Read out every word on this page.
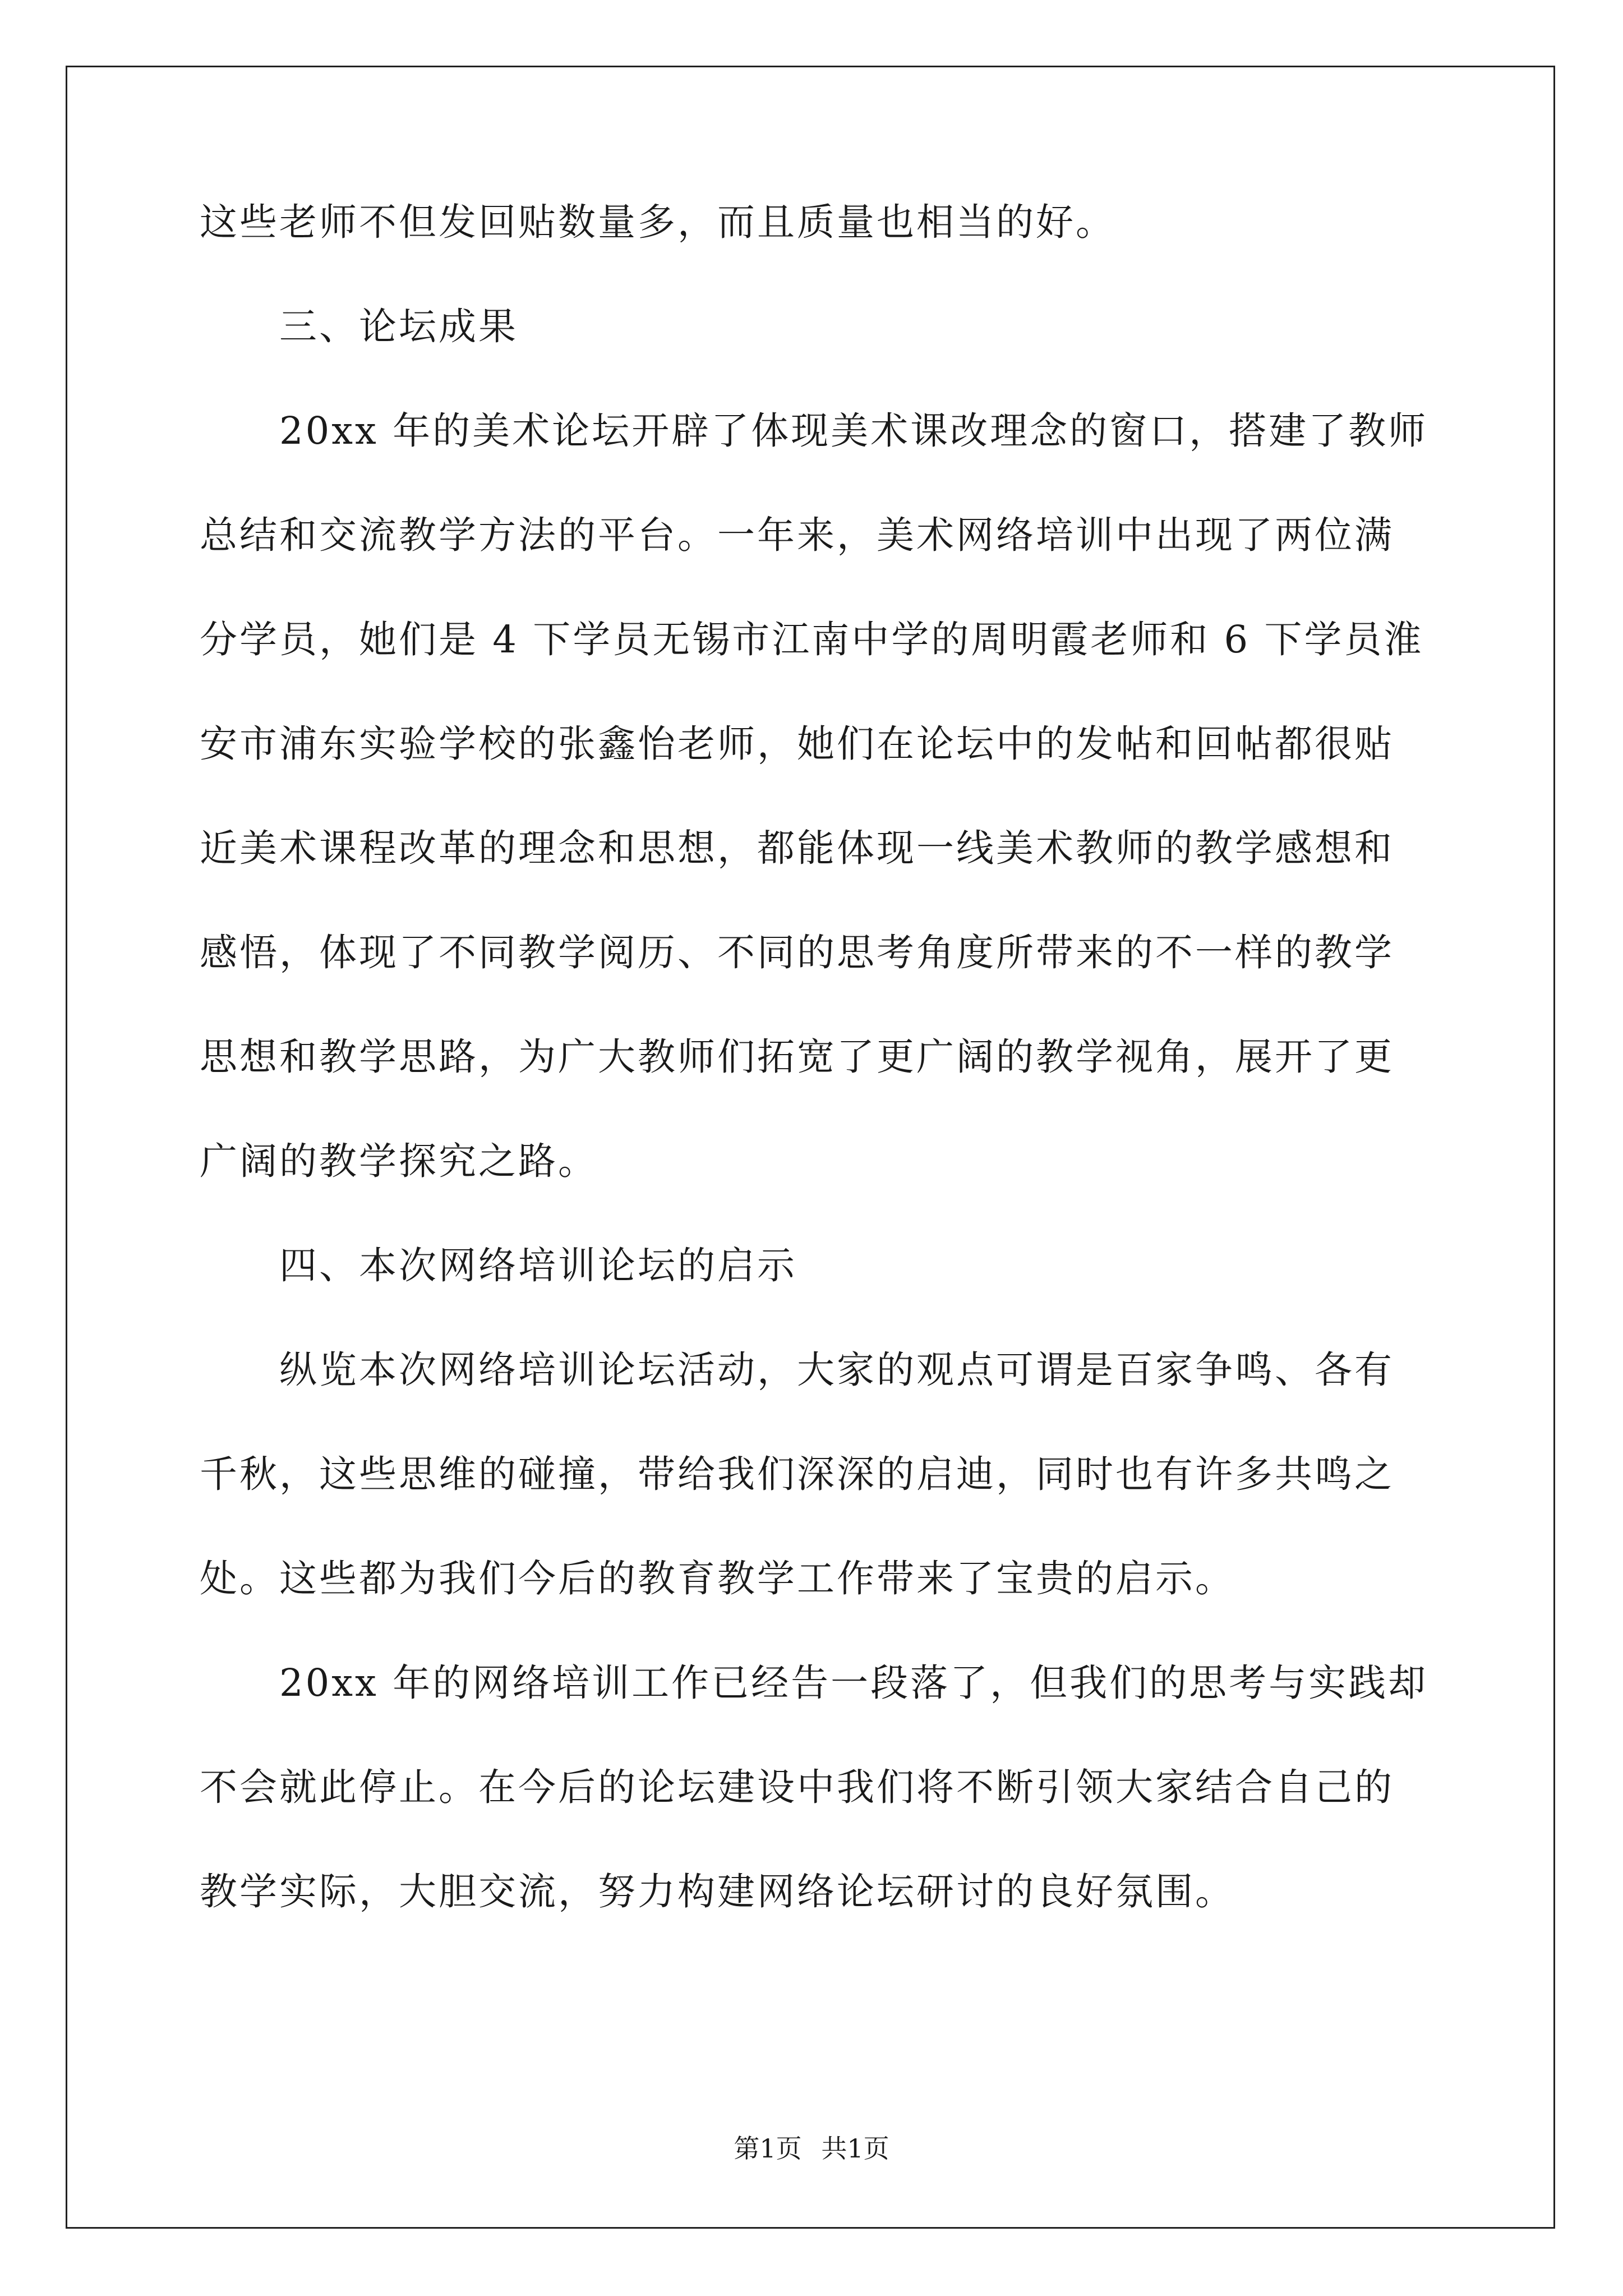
这些老师不但发回贴数量多，而且质量也相当的好。
　　三、论坛成果
　　20xx 年的美术论坛开辟了体现美术课改理念的窗口，搭建了教师
总结和交流教学方法的平台。一年来，美术网络培训中出现了两位满
分学员，她们是 4 下学员无锡市江南中学的周明霞老师和 6 下学员淮
安市浦东实验学校的张鑫怡老师，她们在论坛中的发帖和回帖都很贴
近美术课程改革的理念和思想，都能体现一线美术教师的教学感想和
感悟，体现了不同教学阅历、不同的思考角度所带来的不一样的教学
思想和教学思路，为广大教师们拓宽了更广阔的教学视角，展开了更
广阔的教学探究之路。
　　四、本次网络培训论坛的启示
　　纵览本次网络培训论坛活动，大家的观点可谓是百家争鸣、各有
千秋，这些思维的碰撞，带给我们深深的启迪，同时也有许多共鸣之
处。这些都为我们今后的教育教学工作带来了宝贵的启示。
　　20xx 年的网络培训工作已经告一段落了，但我们的思考与实践却
不会就此停止。在今后的论坛建设中我们将不断引领大家结合自己的
教学实际，大胆交流，努力构建网络论坛研讨的良好氛围。
第1页 共1页
